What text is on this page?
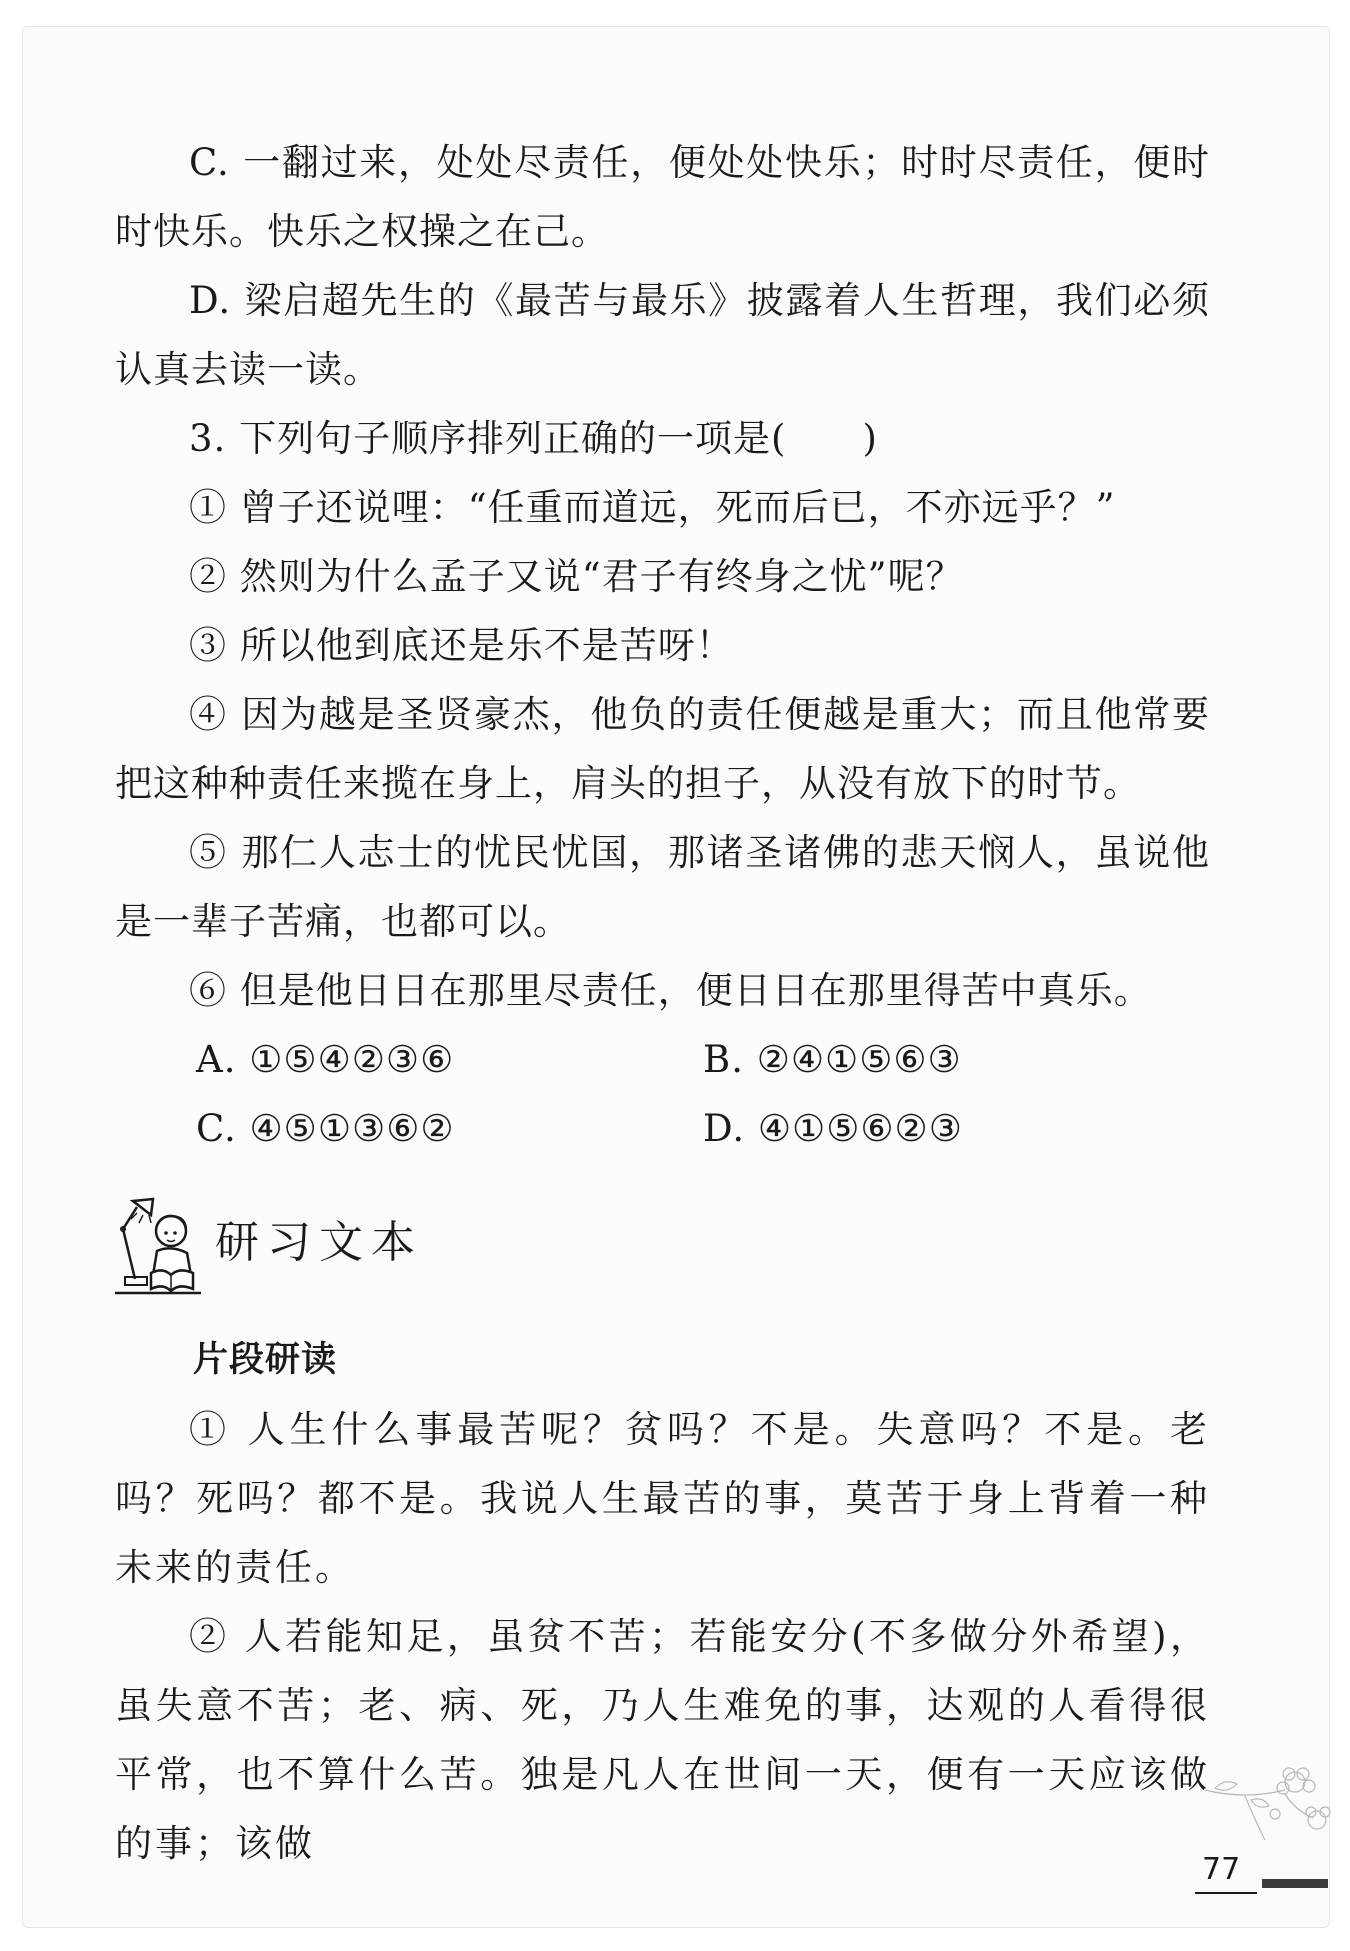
C. 一翻过来，处处尽责任，便处处快乐；时时尽责任，便时时快乐。快乐之权操之在己。

D. 梁启超先生的《最苦与最乐》披露着人生哲理，我们必须认真去读一读。

3. 下列句子顺序排列正确的一项是(　　)

① 曾子还说哩：“任重而道远，死而后已，不亦远乎？”

② 然则为什么孟子又说“君子有终身之忧”呢？

③ 所以他到底还是乐不是苦呀！

④ 因为越是圣贤豪杰，他负的责任便越是重大；而且他常要把这种种责任来揽在身上，肩头的担子，从没有放下的时节。

⑤ 那仁人志士的忧民忧国，那诸圣诸佛的悲天悯人，虽说他是一辈子苦痛，也都可以。

⑥ 但是他日日在那里尽责任，便日日在那里得苦中真乐。

A. ①⑤④②③⑥	B. ②④①⑤⑥③
C. ④⑤①③⑥②	D. ④①⑤⑥②③
研习文本

片段研读

① 人生什么事最苦呢？贫吗？不是。失意吗？不是。老吗？死吗？都不是。我说人生最苦的事，莫苦于身上背着一种未来的责任。

② 人若能知足，虽贫不苦；若能安分(不多做分外希望)，虽失意不苦；老、病、死，乃人生难免的事，达观的人看得很平常，也不算什么苦。独是凡人在世间一天，便有一天应该做的事；该做

77
